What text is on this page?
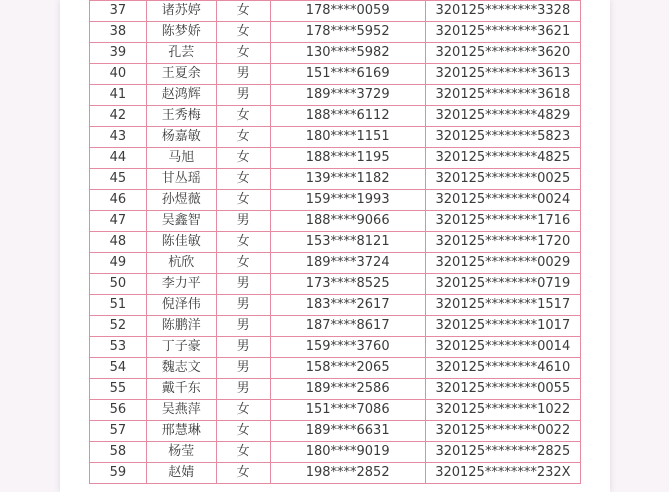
37	诸苏婷	女	178****0059	320125********3328
38	陈梦娇	女	178****5952	320125********3621
39	孔芸	女	130****5982	320125********3620
40	王夏余	男	151****6169	320125********3613
41	赵鸿辉	男	189****3729	320125********3618
42	王秀梅	女	188****6112	320125********4829
43	杨嘉敏	女	180****1151	320125********5823
44	马旭	女	188****1195	320125********4825
45	甘丛瑶	女	139****1182	320125********0025
46	孙煜薇	女	159****1993	320125********0024
47	吴鑫智	男	188****9066	320125********1716
48	陈佳敏	女	153****8121	320125********1720
49	杭欣	女	189****3724	320125********0029
50	李力平	男	173****8525	320125********0719
51	倪泽伟	男	183****2617	320125********1517
52	陈鹏洋	男	187****8617	320125********1017
53	丁子豪	男	159****3760	320125********0014
54	魏志文	男	158****2065	320125********4610
55	戴千东	男	189****2586	320125********0055
56	吴燕萍	女	151****7086	320125********1022
57	邢慧琳	女	189****6631	320125********0022
58	杨莹	女	180****9019	320125********2825
59	赵婧	女	198****2852	320125********232X
